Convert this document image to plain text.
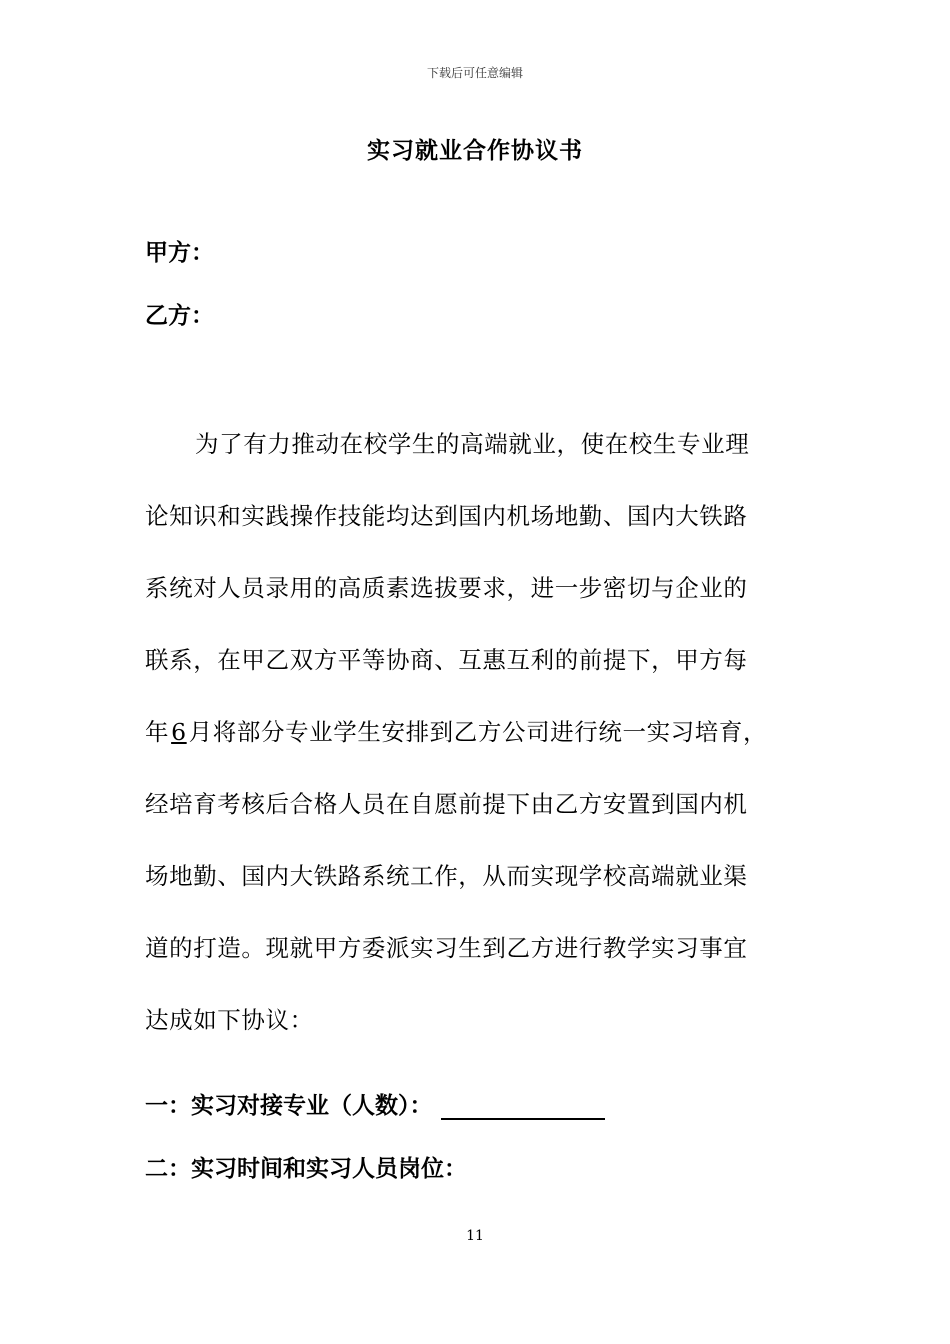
下载后可任意编辑
实习就业合作协议书
甲方：
乙方：
为了有力推动在校学生的高端就业，使在校生专业理
论知识和实践操作技能均达到国内机场地勤、国内大铁路
系统对人员录用的高质素选拔要求，进一步密切与企业的
联系，在甲乙双方平等协商、互惠互利的前提下，甲方每
年6月将部分专业学生安排到乙方公司进行统一实习培育，
经培育考核后合格人员在自愿前提下由乙方安置到国内机
场地勤、国内大铁路系统工作，从而实现学校高端就业渠
道的打造。现就甲方委派实习生到乙方进行教学实习事宜
达成如下协议：
一：实习对接专业（人数）：
二：实习时间和实习人员岗位：
11
